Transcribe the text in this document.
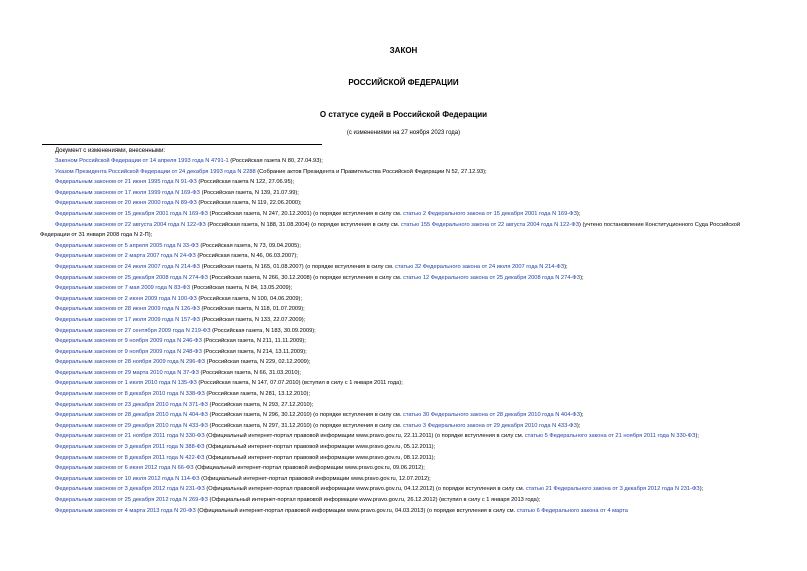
ЗАКОН
РОССИЙСКОЙ ФЕДЕРАЦИИ
О статусе судей в Российской Федерации
(с изменениями на 27 ноября 2023 года)
Документ с изменениями, внесенными:
Законом Российской Федерации от 14 апреля 1993 года N 4791-1 (Российская газета N 80, 27.04.93);
Указом Президента Российской Федерации от 24 декабря 1993 года N 2288 (Собрание актов Президента и Правительства Российской Федерации N 52, 27.12.93);
Федеральным законом от 21 июня 1995 года N 91-ФЗ (Российская газета N 122, 27.06.95);
Федеральным законом от 17 июля 1999 года N 169-ФЗ (Российская газета, N 139, 21.07.99);
Федеральным законом от 20 июня 2000 года N 89-ФЗ (Российская газета, N 119, 22.06.2000);
Федеральным законом от 15 декабря 2001 года N 169-ФЗ (Российская газета, N 247, 20.12.2001) (о порядке вступления в силу см. статью 2 Федерального закона от 15 декабря 2001 года N 169-ФЗ);
Федеральным законом от 22 августа 2004 года N 122-ФЗ (Российская газета, N 188, 31.08.2004) (о порядке вступления в силу см. статью 155 Федерального закона от 22 августа 2004 года N 122-ФЗ) (учтено постановление Конституционного Суда Российской Федерации от 31 января 2008 года N 2-П);
Федеральным законом от 5 апреля 2005 года N 33-ФЗ (Российская газета, N 73, 09.04.2005);
Федеральным законом от 2 марта 2007 года N 24-ФЗ (Российская газета, N 46, 06.03.2007);
Федеральным законом от 24 июля 2007 года N 214-ФЗ (Российская газета, N 165, 01.08.2007) (о порядке вступления в силу см. статью 32 Федерального закона от 24 июля 2007 года N 214-ФЗ);
Федеральным законом от 25 декабря 2008 года N 274-ФЗ (Российская газета, N 266, 30.12.2008) (о порядке вступления в силу см. статью 12 Федерального закона от 25 декабря 2008 года N 274-ФЗ);
Федеральным законом от 7 мая 2009 года N 83-ФЗ (Российская газета, N 84, 13.05.2009);
Федеральным законом от 2 июня 2009 года N 100-ФЗ (Российская газета, N 100, 04.06.2009);
Федеральным законом от 28 июня 2009 года N 126-ФЗ (Российская газета, N 118, 01.07.2009);
Федеральным законом от 17 июля 2009 года N 157-ФЗ (Российская газета, N 133, 22.07.2009);
Федеральным законом от 27 сентября 2009 года N 219-ФЗ (Российская газета, N 183, 30.09.2009);
Федеральным законом от 9 ноября 2009 года N 246-ФЗ (Российская газета, N 211, 11.11.2009);
Федеральным законом от 9 ноября 2009 года N 248-ФЗ (Российская газета, N 214, 13.11.2009);
Федеральным законом от 28 ноября 2009 года N 296-ФЗ (Российская газета, N 229, 02.12.2009);
Федеральным законом от 29 марта 2010 года N 37-ФЗ (Российская газета, N 66, 31.03.2010);
Федеральным законом от 1 июля 2010 года N 135-ФЗ (Российская газета, N 147, 07.07.2010) (вступил в силу с 1 января 2011 года);
Федеральным законом от 8 декабря 2010 года N 338-ФЗ (Российская газета, N 281, 13.12.2010);
Федеральным законом от 23 декабря 2010 года N 371-ФЗ (Российская газета, N 293, 27.12.2010);
Федеральным законом от 28 декабря 2010 года N 404-ФЗ (Российская газета, N 296, 30.12.2010) (о порядке вступления в силу см. статью 30 Федерального закона от 28 декабря 2010 года N 404-ФЗ);
Федеральным законом от 29 декабря 2010 года N 433-ФЗ (Российская газета, N 297, 31.12.2010) (о порядке вступления в силу см. статью 3 Федерального закона от 29 декабря 2010 года N 433-ФЗ);
Федеральным законом от 21 ноября 2011 года N 330-ФЗ (Официальный интернет-портал правовой информации www.pravo.gov.ru, 22.11.2011) (о порядке вступления в силу см. статью 5 Федерального закона от 21 ноября 2011 года N 330-ФЗ);
Федеральным законом от 3 декабря 2011 года N 388-ФЗ (Официальный интернет-портал правовой информации www.pravo.gov.ru, 05.12.2011);
Федеральным законом от 8 декабря 2011 года N 422-ФЗ (Официальный интернет-портал правовой информации www.pravo.gov.ru, 08.12.2011);
Федеральным законом от 6 июня 2012 года N 66-ФЗ (Официальный интернет-портал правовой информации www.pravo.gov.ru, 09.06.2012);
Федеральным законом от 10 июля 2012 года N 114-ФЗ (Официальный интернет-портал правовой информации www.pravo.gov.ru, 12.07.2012);
Федеральным законом от 3 декабря 2012 года N 231-ФЗ (Официальный интернет-портал правовой информации www.pravo.gov.ru, 04.12.2012) (о порядке вступления в силу см. статью 21 Федерального закона от 3 декабря 2012 года N 231-ФЗ);
Федеральным законом от 25 декабря 2012 года N 269-ФЗ (Официальный интернет-портал правовой информации www.pravo.gov.ru, 26.12.2012) (вступил в силу с 1 января 2013 года);
Федеральным законом от 4 марта 2013 года N 20-ФЗ (Официальный интернет-портал правовой информации www.pravo.gov.ru, 04.03.2013) (о порядке вступления в силу см. статью 6 Федерального закона от 4 марта
